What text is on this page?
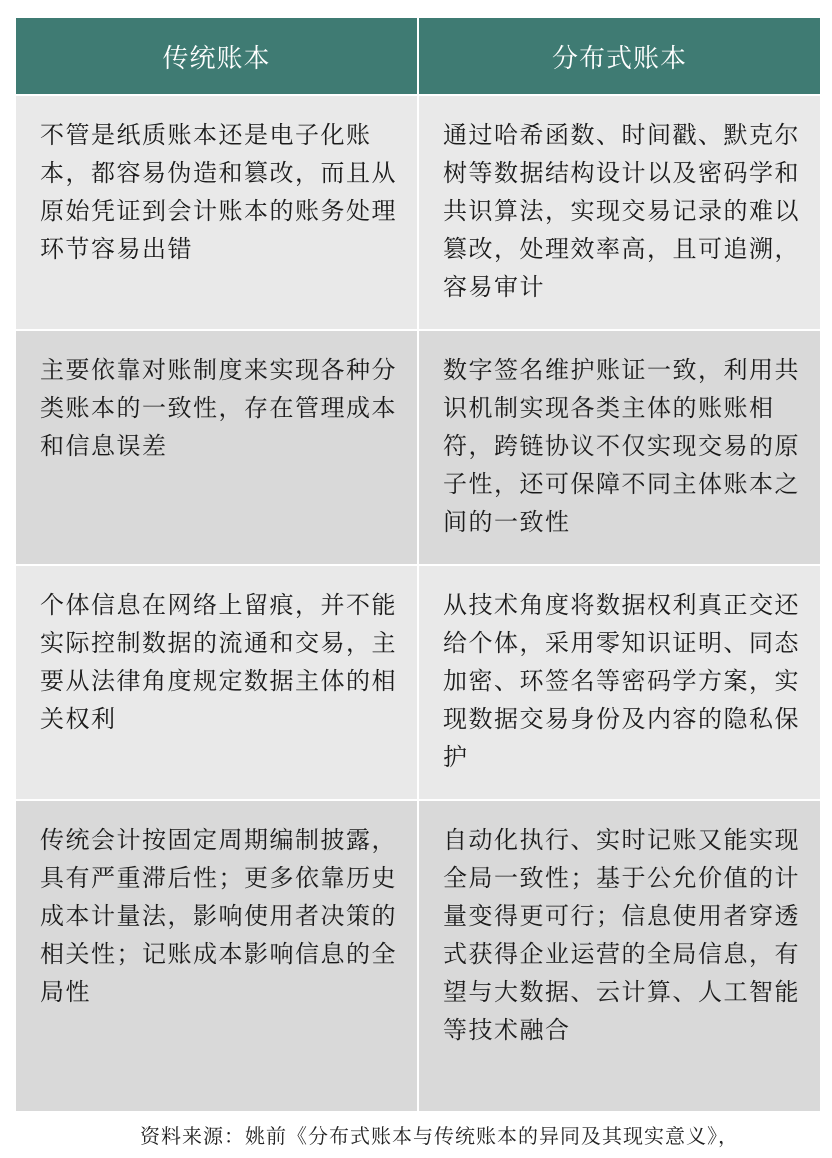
传统账本	分布式账本
不管是纸质账本还是电子化账本，都容易伪造和篡改，而且从原始凭证到会计账本的账务处理环节容易出错	通过哈希函数、时间戳、默克尔树等数据结构设计以及密码学和共识算法，实现交易记录的难以篡改，处理效率高，且可追溯，容易审计
主要依靠对账制度来实现各种分类账本的一致性，存在管理成本和信息误差	数字签名维护账证一致，利用共识机制实现各类主体的账账相符，跨链协议不仅实现交易的原子性，还可保障不同主体账本之间的一致性
个体信息在网络上留痕，并不能实际控制数据的流通和交易，主要从法律角度规定数据主体的相关权利	从技术角度将数据权利真正交还给个体，采用零知识证明、同态加密、环签名等密码学方案，实现数据交易身份及内容的隐私保护
传统会计按固定周期编制披露，具有严重滞后性；更多依靠历史成本计量法，影响使用者决策的相关性；记账成本影响信息的全局性	自动化执行、实时记账又能实现全局一致性；基于公允价值的计量变得更可行；信息使用者穿透式获得企业运营的全局信息，有望与大数据、云计算、人工智能等技术融合
资料来源：姚前《分布式账本与传统账本的异同及其现实意义》，
